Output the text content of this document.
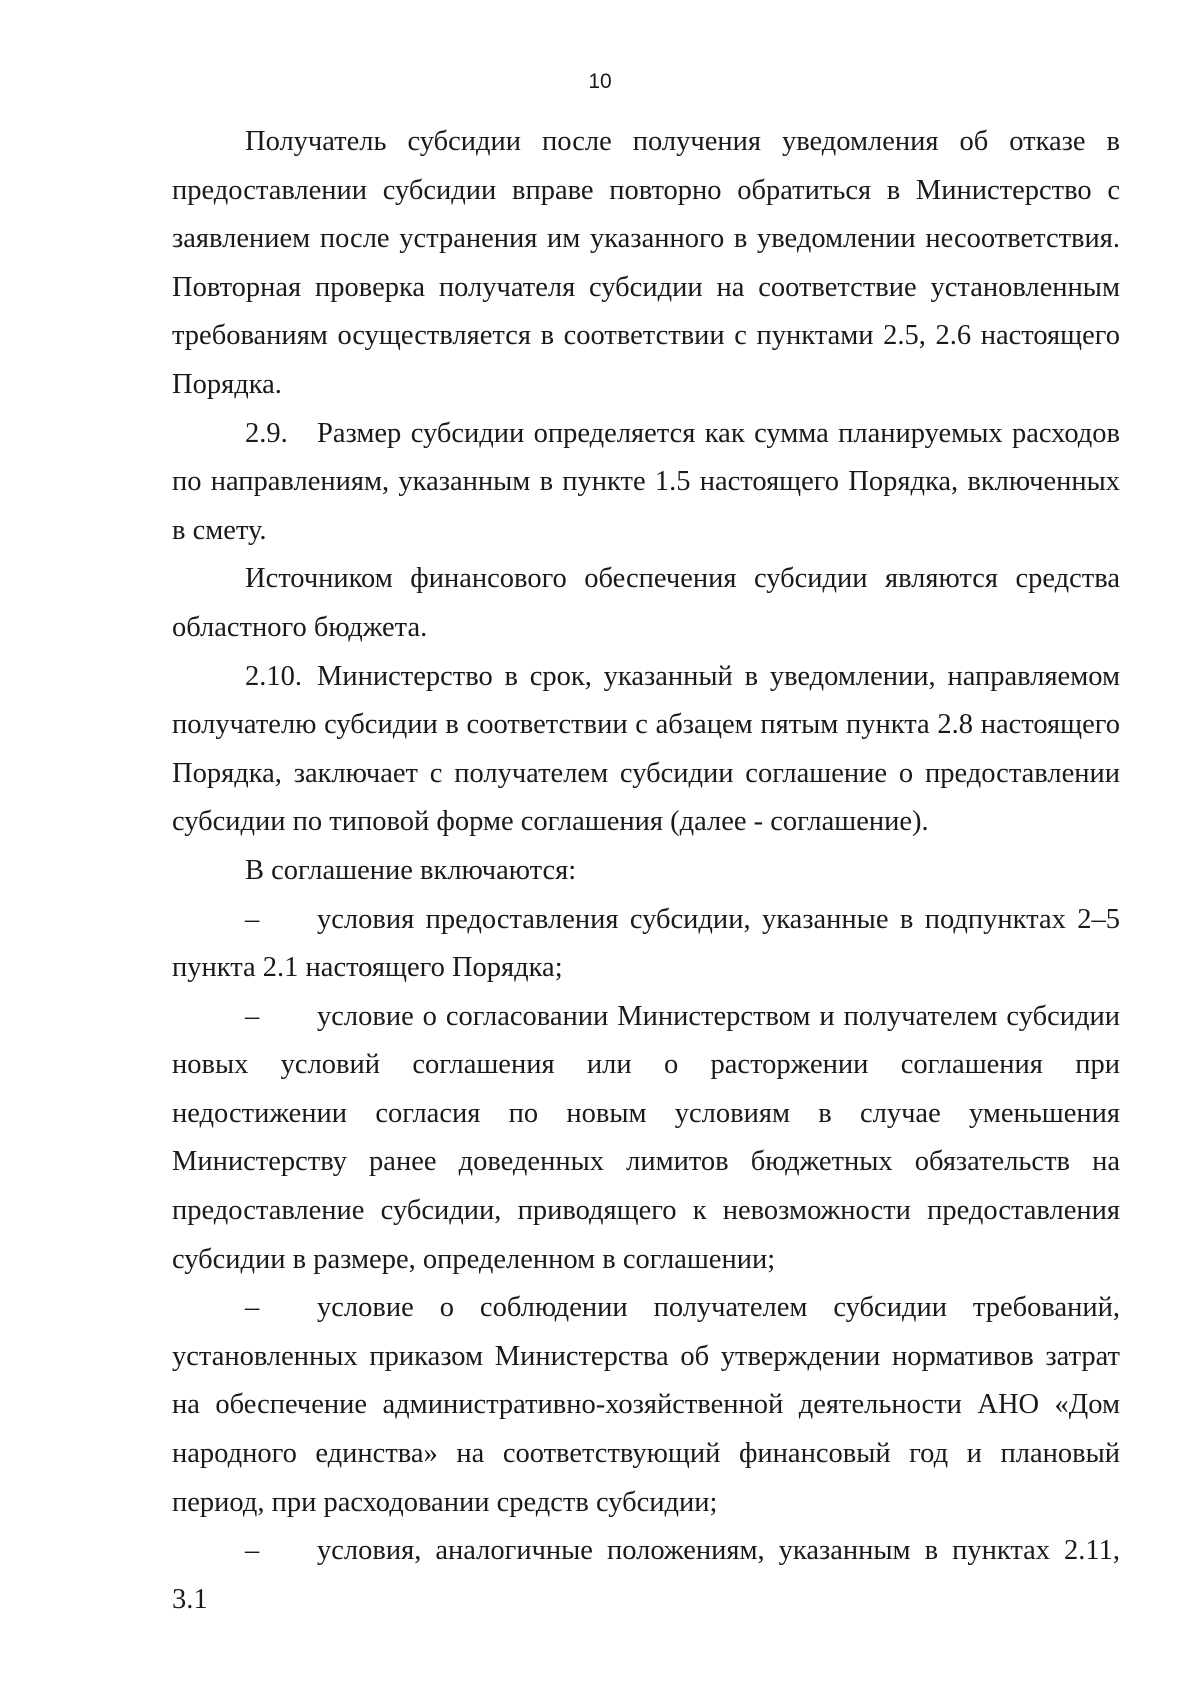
10

Получатель субсидии после получения уведомления об отказе в предоставлении субсидии вправе повторно обратиться в Министерство с заявлением после устранения им указанного в уведомлении несоответствия. Повторная проверка получателя субсидии на соответствие установленным требованиям осуществляется в соответствии с пунктами 2.5, 2.6 настоящего Порядка.

2.9. Размер субсидии определяется как сумма планируемых расходов по направлениям, указанным в пункте 1.5 настоящего Порядка, включенных в смету.

Источником финансового обеспечения субсидии являются средства областного бюджета.

2.10. Министерство в срок, указанный в уведомлении, направляемом получателю субсидии в соответствии с абзацем пятым пункта 2.8 настоящего Порядка, заключает с получателем субсидии соглашение о предоставлении субсидии по типовой форме соглашения (далее - соглашение).

В соглашение включаются:

– условия предоставления субсидии, указанные в подпунктах 2–5 пункта 2.1 настоящего Порядка;

– условие о согласовании Министерством и получателем субсидии новых условий соглашения или о расторжении соглашения при недостижении согласия по новым условиям в случае уменьшения Министерству ранее доведенных лимитов бюджетных обязательств на предоставление субсидии, приводящего к невозможности предоставления субсидии в размере, определенном в соглашении;

– условие о соблюдении получателем субсидии требований, установленных приказом Министерства об утверждении нормативов затрат на обеспечение административно-хозяйственной деятельности АНО «Дом народного единства» на соответствующий финансовый год и плановый период, при расходовании средств субсидии;

– условия, аналогичные положениям, указанным в пунктах 2.11, 3.1
